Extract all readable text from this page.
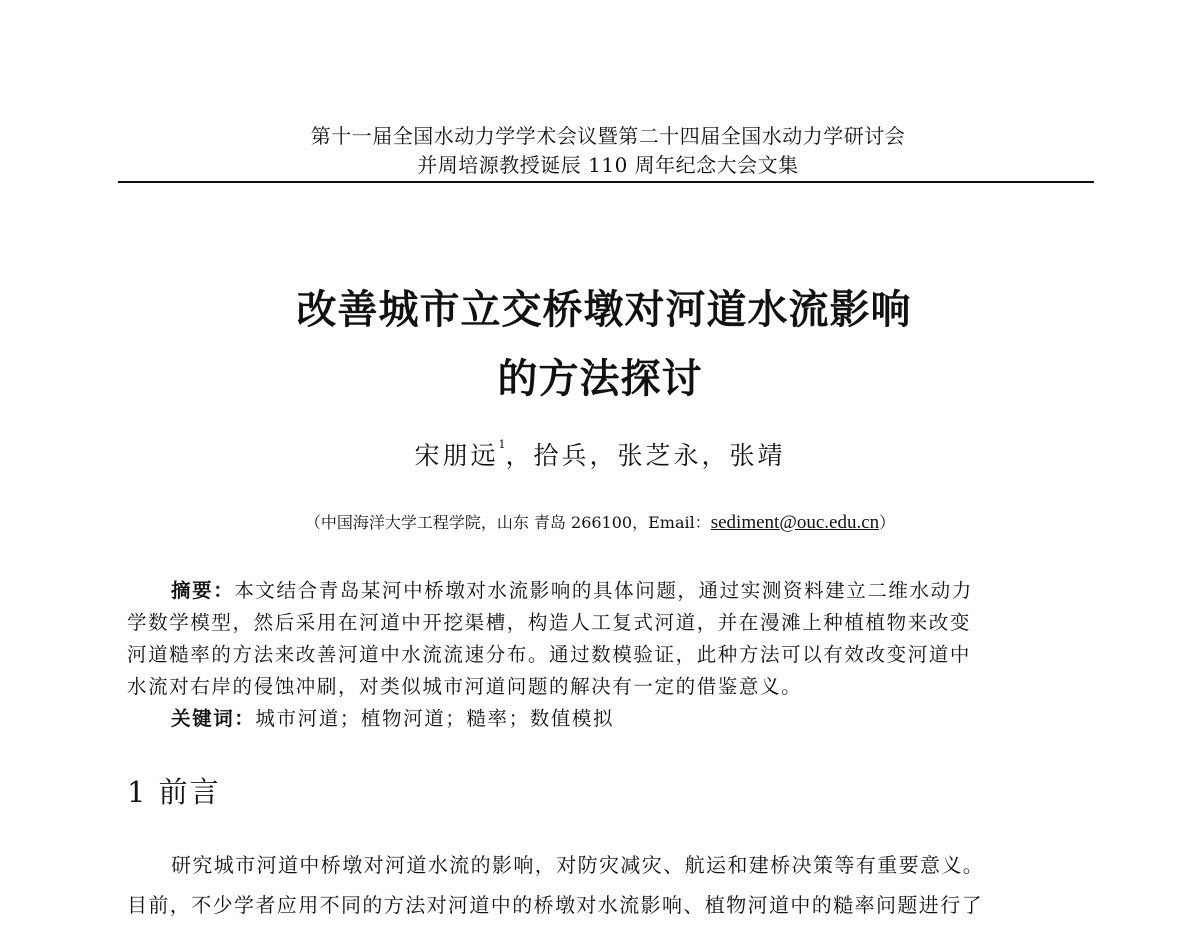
第十一届全国水动力学学术会议暨第二十四届全国水动力学研讨会
并周培源教授诞辰 110 周年纪念大会文集
改善城市立交桥墩对河道水流影响
的方法探讨
宋朋远$^1$，拾兵，张芝永，张靖
（中国海洋大学工程学院，山东 青岛 266100，Email：sediment@ouc.edu.cn）
摘要：本文结合青岛某河中桥墩对水流影响的具体问题，通过实测资料建立二维水动力
学数学模型，然后采用在河道中开挖渠槽，构造人工复式河道，并在漫滩上种植植物来改变
河道糙率的方法来改善河道中水流流速分布。通过数模验证，此种方法可以有效改变河道中
水流对右岸的侵蚀冲刷，对类似城市河道问题的解决有一定的借鉴意义。
关键词：城市河道；植物河道；糙率；数值模拟
1 前言
研究城市河道中桥墩对河道水流的影响，对防灾减灾、航运和建桥决策等有重要意义。
目前，不少学者应用不同的方法对河道中的桥墩对水流影响、植物河道中的糙率问题进行了
